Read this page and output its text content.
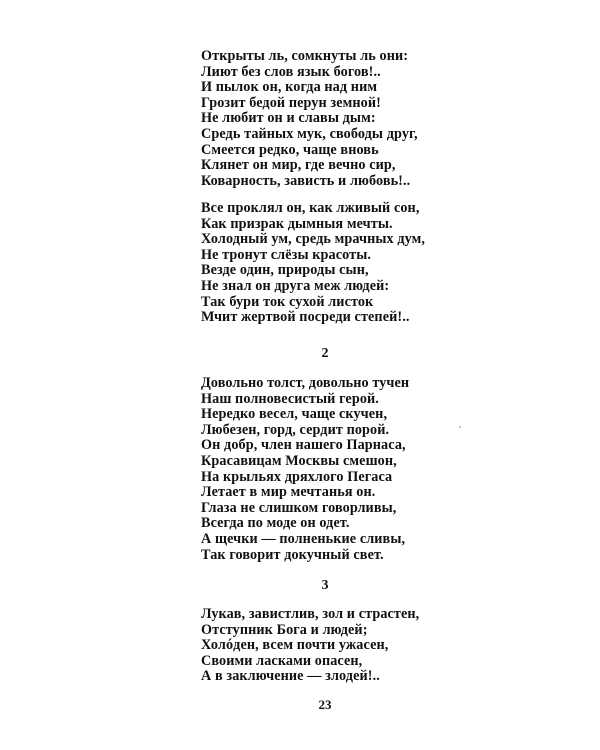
Открыты ль, сомкнуты ль они:
Лиют без слов язык богов!..
И пылок он, когда над ним
Грозит бедой перун земной!
Не любит он и славы дым:
Средь тайных мук, свободы друг,
Смеется редко, чаще вновь
Клянет он мир, где вечно сир,
Коварность, зависть и любовь!..
Все проклял он, как лживый сон,
Как призрак дымныя мечты.
Холодный ум, средь мрачных дум,
Не тронут слёзы красоты.
Везде один, природы сын,
Не знал он друга меж людей:
Так бури ток сухой листок
Мчит жертвой посреди степей!..
2
Довольно толст, довольно тучен
Наш полновесистый герой.
Нередко весел, чаще скучен,
Любезен, горд, сердит порой.
Он добр, член нашего Парнаса,
Красавицам Москвы смешон,
На крыльях дряхлого Пегаса
Летает в мир мечтанья он.
Глаза не слишком говорливы,
Всегда по моде он одет.
А щечки — полненькие сливы,
Так говорит докучный свет.
3
Лукав, завистлив, зол и страстен,
Отступник Бога и людей;
Холóден, всем почти ужасен,
Своими ласками опасен,
А в заключение — злодей!..
23
